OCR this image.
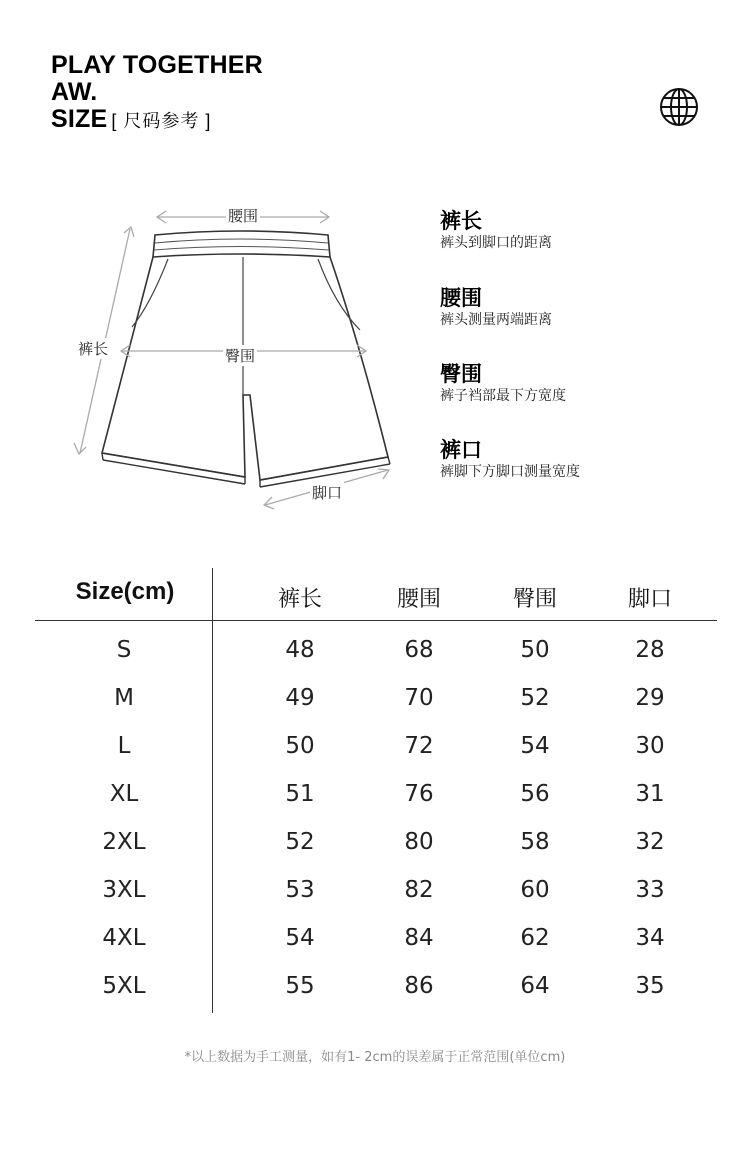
PLAY TOGETHER
AW.
SIZE [ 尺码参考 ]
腰围
裤长	臀围
脚口
裤长
裤头到脚口的距离
腰围
裤头测量两端距离
臀围
裤子裆部最下方宽度
裤口
裤脚下方脚口测量宽度
Size(cm)	裤长	腰围	臀围	脚口
S	48	68	50	28
M	49	70	52	29
L	50	72	54	30
XL	51	76	56	31
2XL	52	80	58	32
3XL	53	82	60	33
4XL	54	84	62	34
5XL	55	86	64	35
*以上数据为手工测量，如有1- 2cm的误差属于正常范围(单位cm)
